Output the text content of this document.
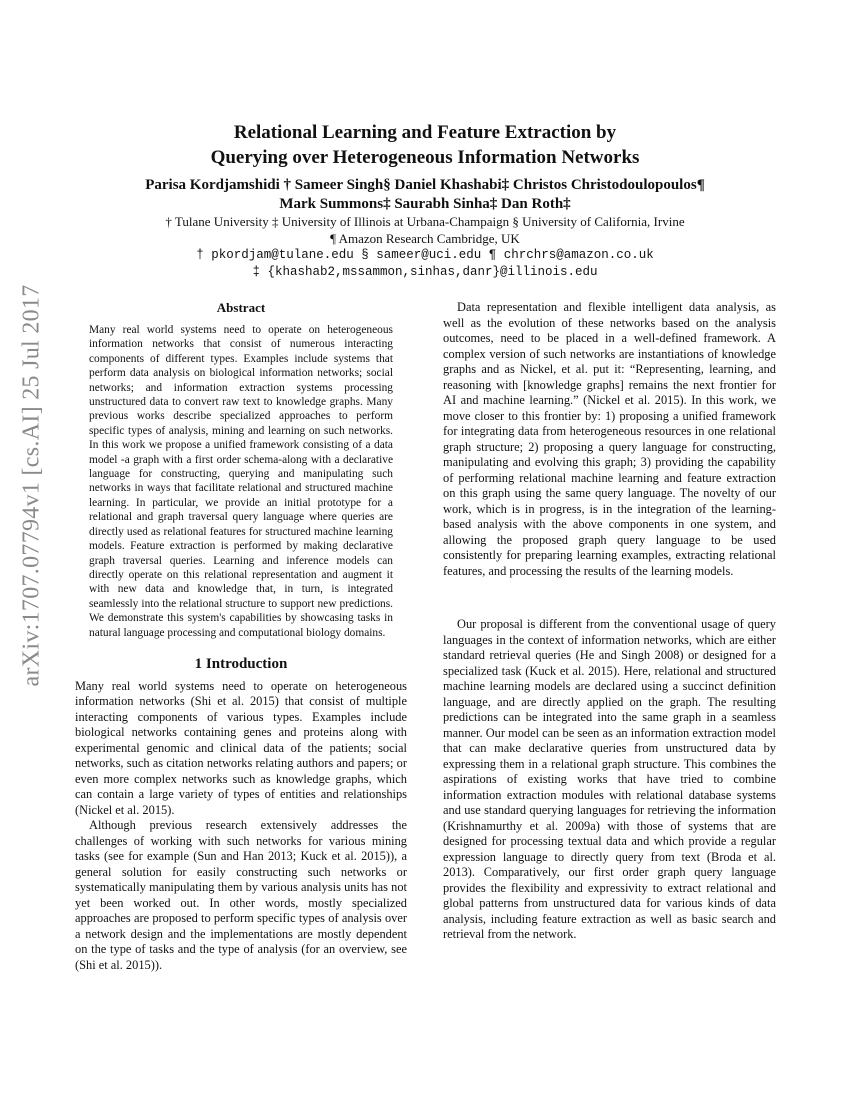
arXiv:1707.07794v1 [cs.AI] 25 Jul 2017
Relational Learning and Feature Extraction by
Querying over Heterogeneous Information Networks
Parisa Kordjamshidi † Sameer Singh§ Daniel Khashabi‡ Christos Christodoulopoulos¶
Mark Summons‡ Saurabh Sinha‡ Dan Roth‡
† Tulane University ‡ University of Illinois at Urbana-Champaign § University of California, Irvine
¶ Amazon Research Cambridge, UK
† pkordjam@tulane.edu § sameer@uci.edu ¶ chrchrs@amazon.co.uk
‡ {khashab2,mssammon,sinhas,danr}@illinois.edu
Abstract

Many real world systems need to operate on heterogeneous information networks that consist of numerous interacting components of different types. Examples include systems that perform data analysis on biological information networks; social networks; and information extraction systems processing unstructured data to convert raw text to knowledge graphs. Many previous works describe specialized approaches to perform specific types of analysis, mining and learning on such networks. In this work we propose a unified framework consisting of a data model -a graph with a first order schema-along with a declarative language for constructing, querying and manipulating such networks in ways that facilitate relational and structured machine learning. In particular, we provide an initial prototype for a relational and graph traversal query language where queries are directly used as relational features for structured machine learning models. Feature extraction is performed by making declarative graph traversal queries. Learning and inference models can directly operate on this relational representation and augment it with new data and knowledge that, in turn, is integrated seamlessly into the relational structure to support new predictions. We demonstrate this system's capabilities by showcasing tasks in natural language processing and computational biology domains.

1 Introduction

Many real world systems need to operate on heterogeneous information networks (Shi et al. 2015) that consist of multiple interacting components of various types. Examples include biological networks containing genes and proteins along with experimental genomic and clinical data of the patients; social networks, such as citation networks relating authors and papers; or even more complex networks such as knowledge graphs, which can contain a large variety of types of entities and relationships (Nickel et al. 2015).

Although previous research extensively addresses the challenges of working with such networks for various mining tasks (see for example (Sun and Han 2013; Kuck et al. 2015)), a general solution for easily constructing such networks or systematically manipulating them by various analysis units has not yet been worked out. In other words, mostly specialized approaches are proposed to perform specific types of analysis over a network design and the implementations are mostly dependent on the type of tasks and the type of analysis (for an overview, see (Shi et al. 2015)).

Data representation and flexible intelligent data analysis, as well as the evolution of these networks based on the analysis outcomes, need to be placed in a well-defined framework. A complex version of such networks are instantiations of knowledge graphs and as Nickel, et al. put it: “Representing, learning, and reasoning with [knowledge graphs] remains the next frontier for AI and machine learning.” (Nickel et al. 2015). In this work, we move closer to this frontier by: 1) proposing a unified framework for integrating data from heterogeneous resources in one relational graph structure; 2) proposing a query language for constructing, manipulating and evolving this graph; 3) providing the capability of performing relational machine learning and feature extraction on this graph using the same query language. The novelty of our work, which is in progress, is in the integration of the learning-based analysis with the above components in one system, and allowing the proposed graph query language to be used consistently for preparing learning examples, extracting relational features, and processing the results of the learning models.

Our proposal is different from the conventional usage of query languages in the context of information networks, which are either standard retrieval queries (He and Singh 2008) or designed for a specialized task (Kuck et al. 2015). Here, relational and structured machine learning models are declared using a succinct definition language, and are directly applied on the graph. The resulting predictions can be integrated into the same graph in a seamless manner. Our model can be seen as an information extraction model that can make declarative queries from unstructured data by expressing them in a relational graph structure. This combines the aspirations of existing works that have tried to combine information extraction modules with relational database systems and use standard querying languages for retrieving the information (Krishnamurthy et al. 2009a) with those of systems that are designed for processing textual data and which provide a regular expression language to directly query from text (Broda et al. 2013). Comparatively, our first order graph query language provides the flexibility and expressivity to extract relational and global patterns from unstructured data for various kinds of data analysis, including feature extraction as well as basic search and retrieval from the network.
